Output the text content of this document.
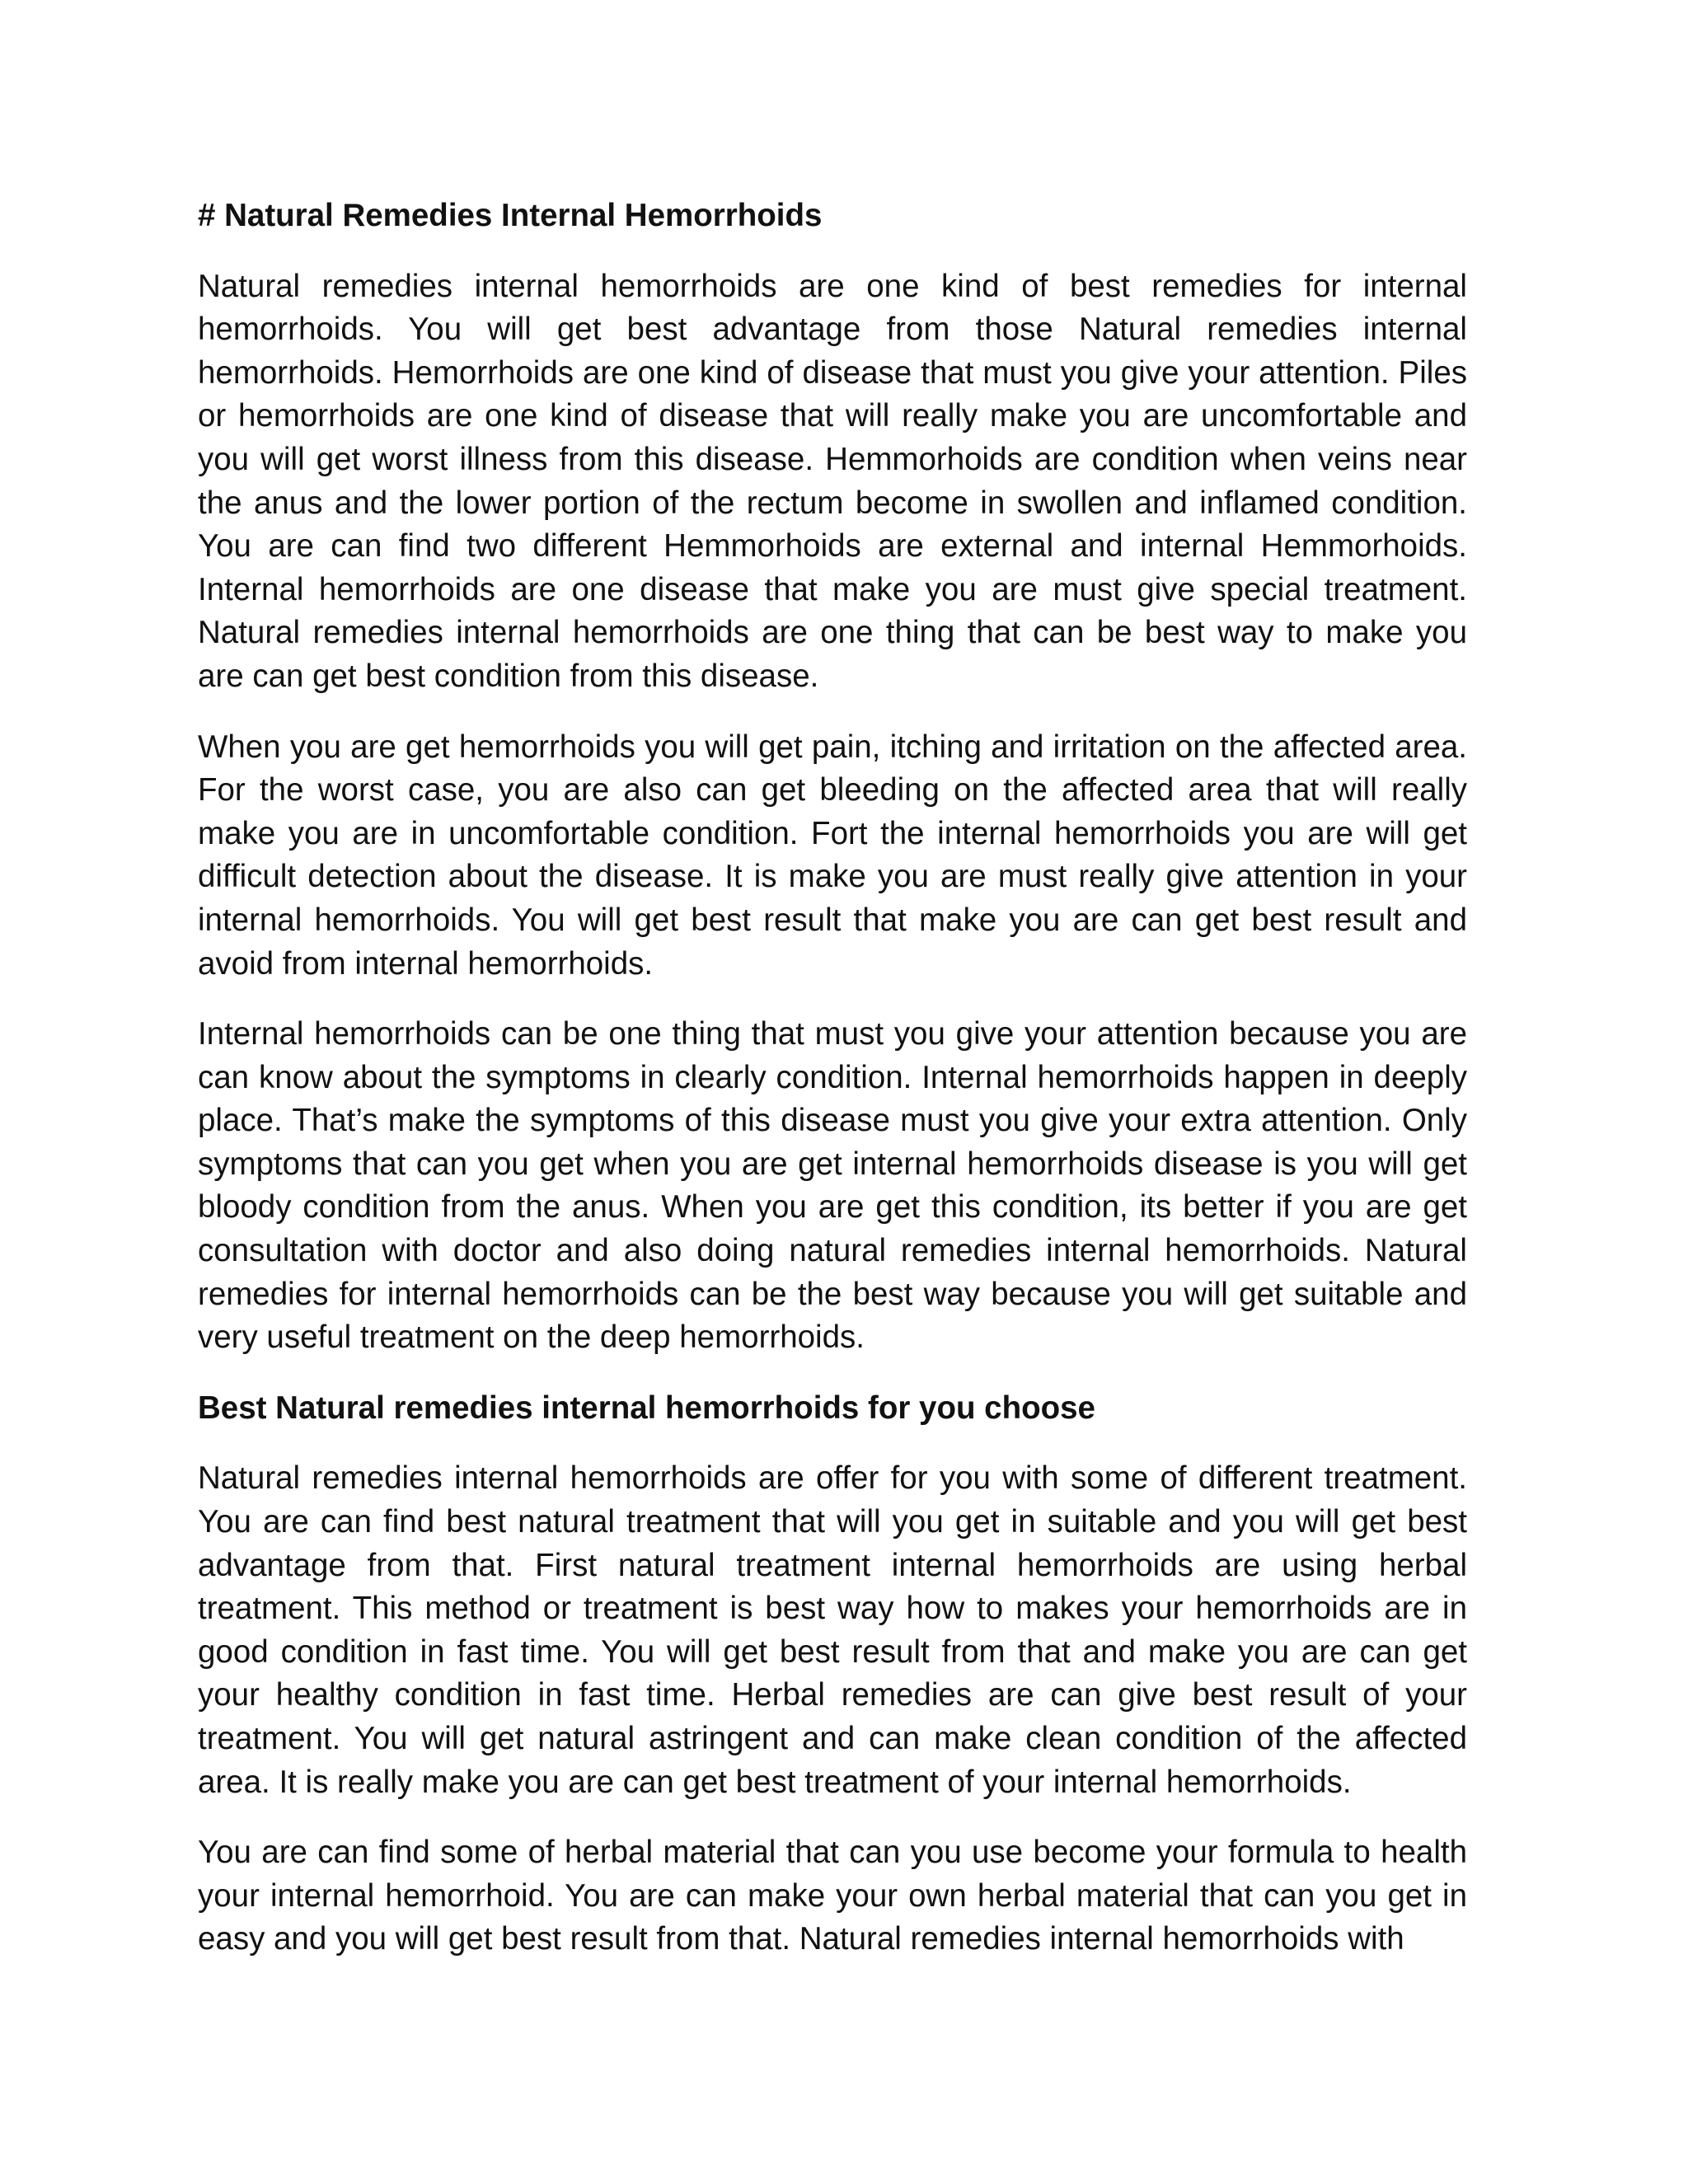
# Natural Remedies Internal Hemorrhoids

Natural remedies internal hemorrhoids are one kind of best remedies for internal hemorrhoids. You will get best advantage from those Natural remedies internal hemorrhoids. Hemorrhoids are one kind of disease that must you give your attention. Piles or hemorrhoids are one kind of disease that will really make you are uncomfortable and you will get worst illness from this disease. Hemmorhoids are condition when veins near the anus and the lower portion of the rectum become in swollen and inflamed condition. You are can find two different Hemmorhoids are external and internal Hemmorhoids. Internal hemorrhoids are one disease that make you are must give special treatment. Natural remedies internal hemorrhoids are one thing that can be best way to make you are can get best condition from this disease.

When you are get hemorrhoids you will get pain, itching and irritation on the affected area. For the worst case, you are also can get bleeding on the affected area that will really make you are in uncomfortable condition. Fort the internal hemorrhoids you are will get difficult detection about the disease. It is make you are must really give attention in your internal hemorrhoids. You will get best result that make you are can get best result and avoid from internal hemorrhoids.

Internal hemorrhoids can be one thing that must you give your attention because you are can know about the symptoms in clearly condition. Internal hemorrhoids happen in deeply place. That’s make the symptoms of this disease must you give your extra attention. Only symptoms that can you get when you are get internal hemorrhoids disease is you will get bloody condition from the anus. When you are get this condition, its better if you are get consultation with doctor and also doing natural remedies internal hemorrhoids. Natural remedies for internal hemorrhoids can be the best way because you will get suitable and very useful treatment on the deep hemorrhoids.

Best Natural remedies internal hemorrhoids for you choose

Natural remedies internal hemorrhoids are offer for you with some of different treatment. You are can find best natural treatment that will you get in suitable and you will get best advantage from that. First natural treatment internal hemorrhoids are using herbal treatment. This method or treatment is best way how to makes your hemorrhoids are in good condition in fast time. You will get best result from that and make you are can get your healthy condition in fast time. Herbal remedies are can give best result of your treatment. You will get natural astringent and can make clean condition of the affected area. It is really make you are can get best treatment of your internal hemorrhoids.

You are can find some of herbal material that can you use become your formula to health your internal hemorrhoid. You are can make your own herbal material that can you get in easy and you will get best result from that. Natural remedies internal hemorrhoids with
